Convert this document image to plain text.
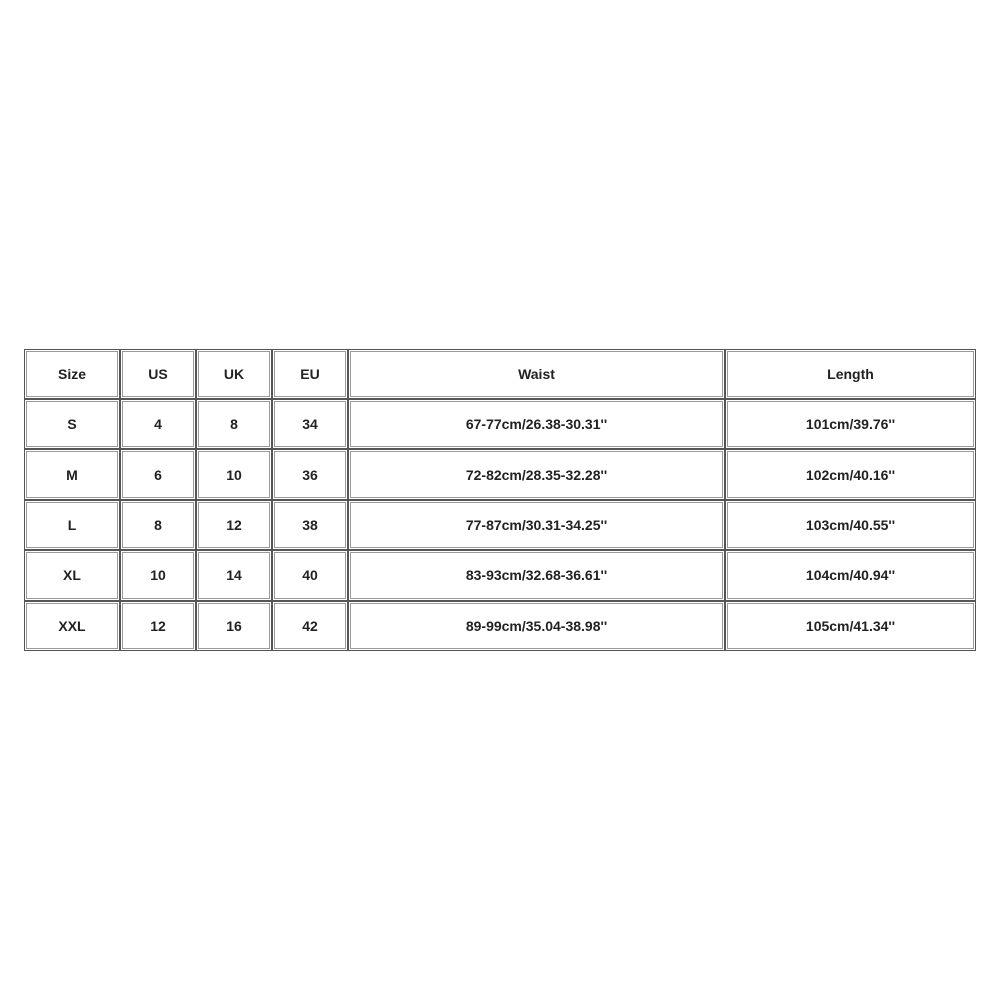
Size	US	UK	EU	Waist	Length
S	4	8	34	67-77cm/26.38-30.31''	101cm/39.76''
M	6	10	36	72-82cm/28.35-32.28''	102cm/40.16''
L	8	12	38	77-87cm/30.31-34.25''	103cm/40.55''
XL	10	14	40	83-93cm/32.68-36.61''	104cm/40.94''
XXL	12	16	42	89-99cm/35.04-38.98''	105cm/41.34''
